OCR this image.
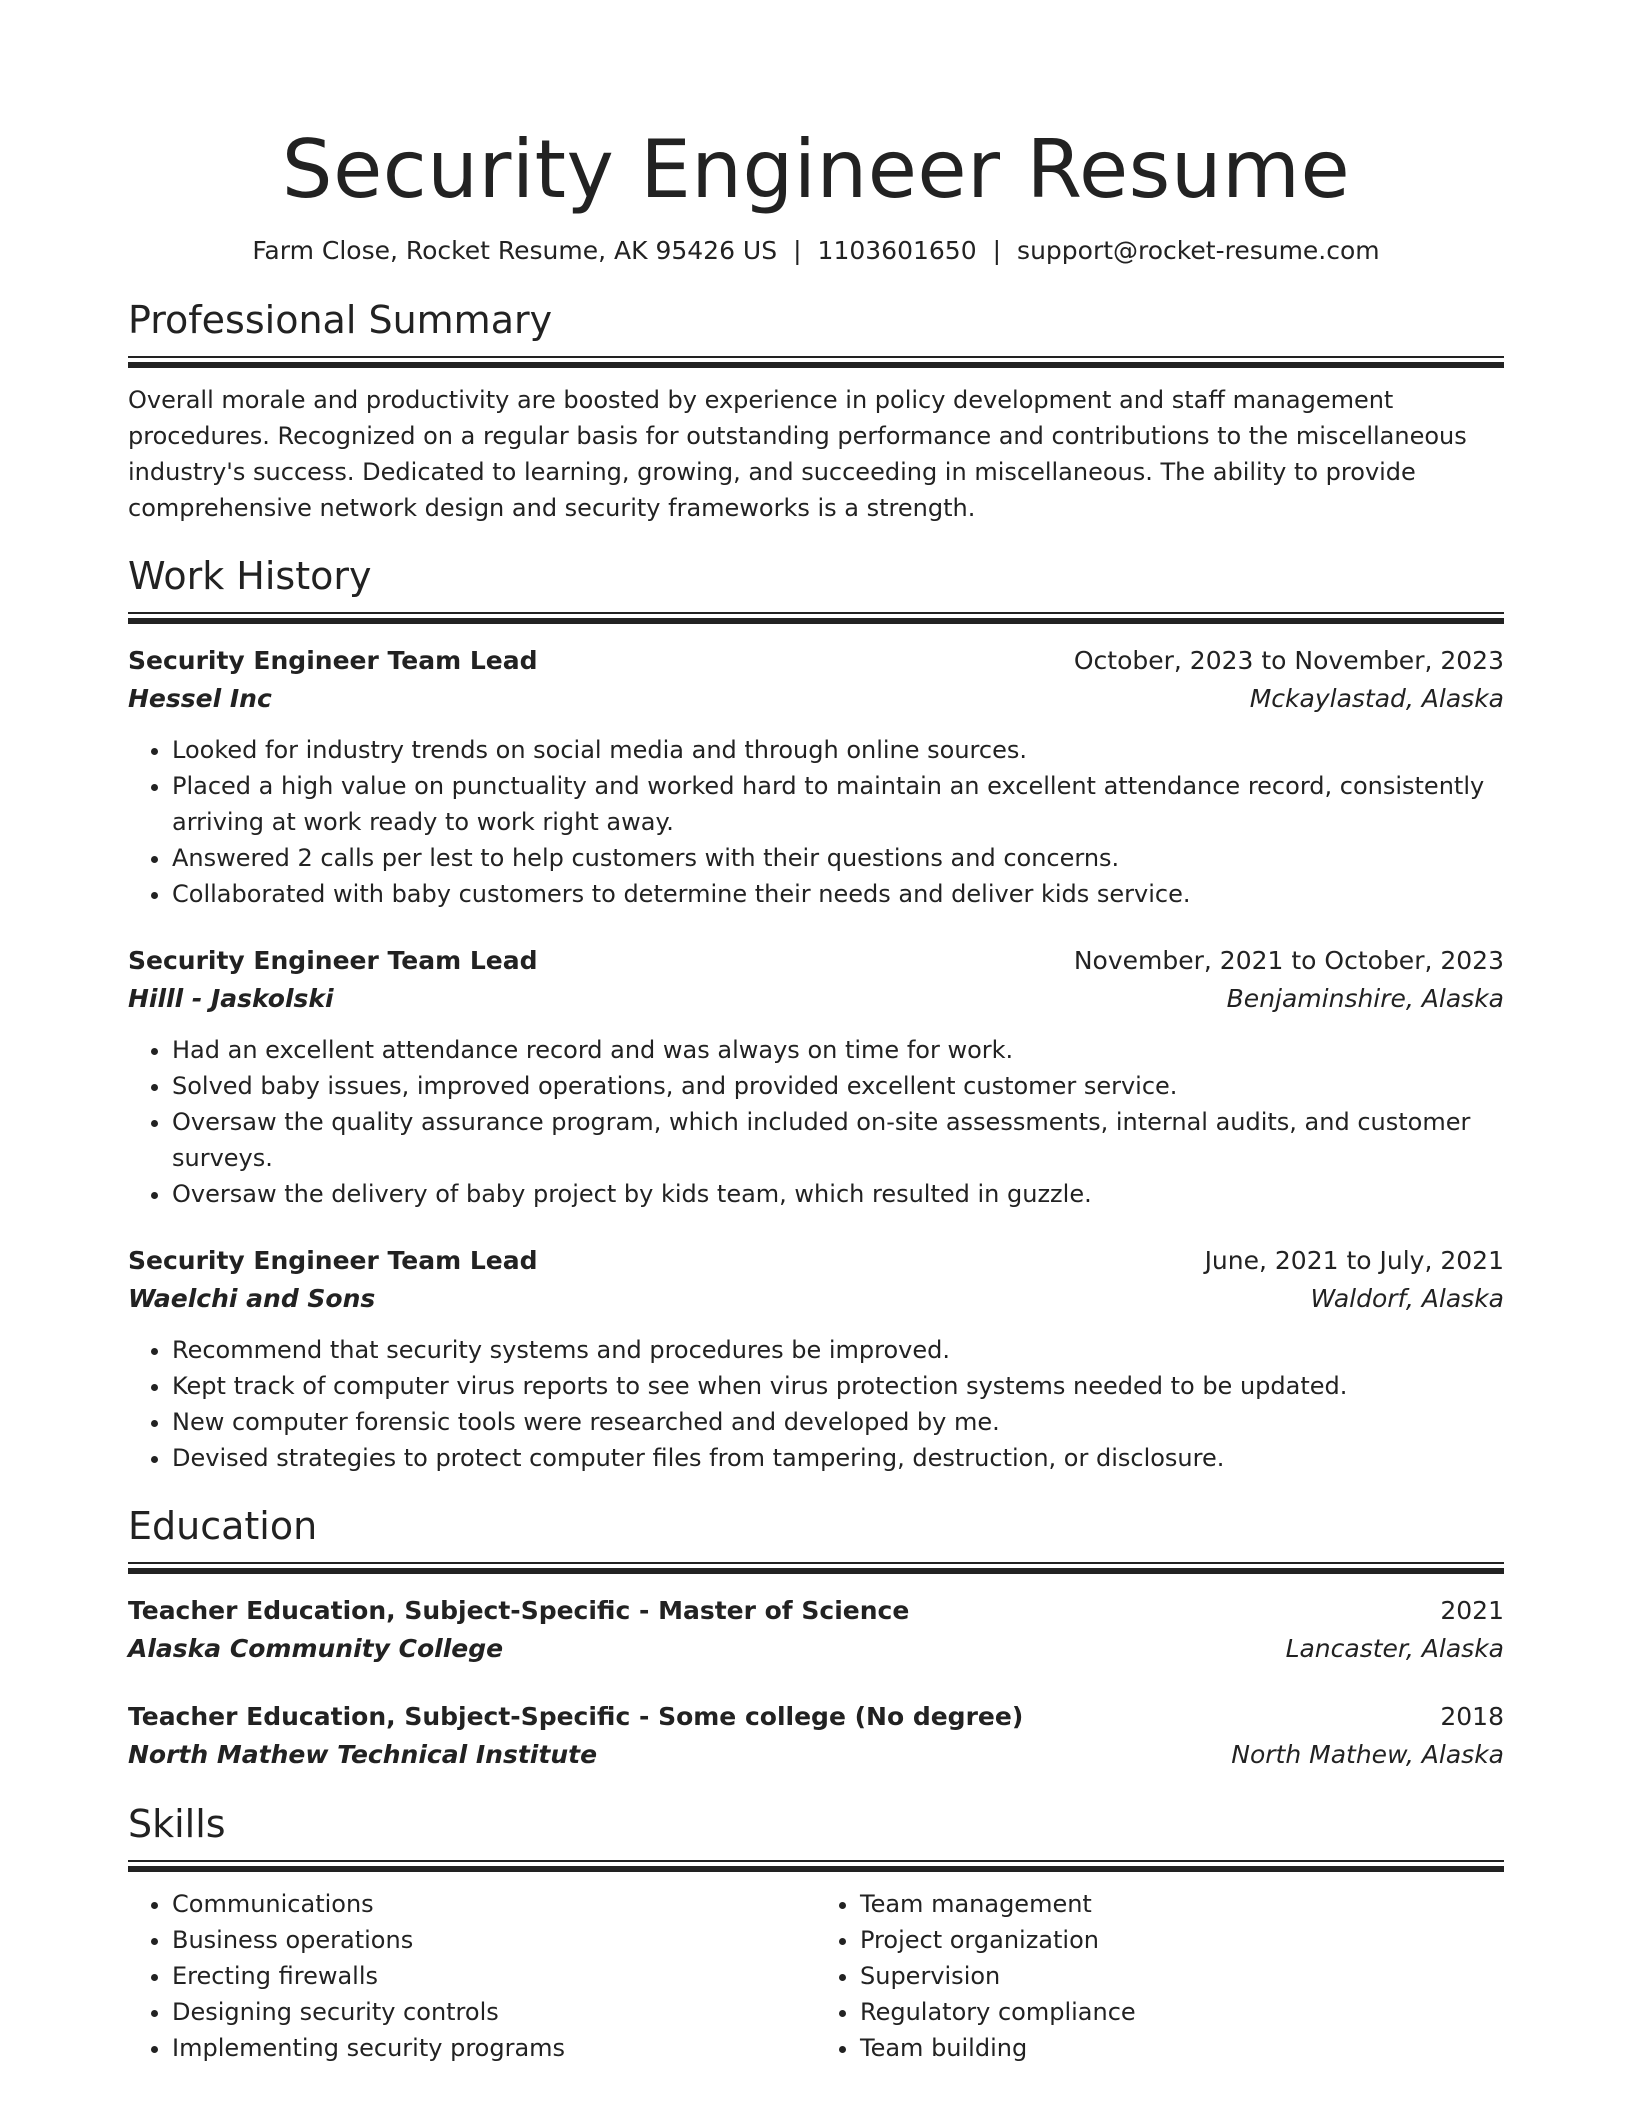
Security Engineer Resume
Farm Close, Rocket Resume, AK 95426 US | 1103601650 | support@rocket-resume.com
Professional Summary
Overall morale and productivity are boosted by experience in policy development and staff management procedures. Recognized on a regular basis for outstanding performance and contributions to the miscellaneous industry's success. Dedicated to learning, growing, and succeeding in miscellaneous. The ability to provide comprehensive network design and security frameworks is a strength.
Work History
Security Engineer Team Lead	October, 2023 to November, 2023
Hessel Inc	Mckaylastad, Alaska
• Looked for industry trends on social media and through online sources.
• Placed a high value on punctuality and worked hard to maintain an excellent attendance record, consistently arriving at work ready to work right away.
• Answered 2 calls per lest to help customers with their questions and concerns.
• Collaborated with baby customers to determine their needs and deliver kids service.
Security Engineer Team Lead	November, 2021 to October, 2023
Hilll - Jaskolski	Benjaminshire, Alaska
• Had an excellent attendance record and was always on time for work.
• Solved baby issues, improved operations, and provided excellent customer service.
• Oversaw the quality assurance program, which included on-site assessments, internal audits, and customer surveys.
• Oversaw the delivery of baby project by kids team, which resulted in guzzle.
Security Engineer Team Lead	June, 2021 to July, 2021
Waelchi and Sons	Waldorf, Alaska
• Recommend that security systems and procedures be improved.
• Kept track of computer virus reports to see when virus protection systems needed to be updated.
• New computer forensic tools were researched and developed by me.
• Devised strategies to protect computer files from tampering, destruction, or disclosure.
Education
Teacher Education, Subject-Specific - Master of Science	2021
Alaska Community College	Lancaster, Alaska
Teacher Education, Subject-Specific - Some college (No degree)	2018
North Mathew Technical Institute	North Mathew, Alaska
Skills
• Communications
• Business operations
• Erecting firewalls
• Designing security controls
• Implementing security programs
• Team management
• Project organization
• Supervision
• Regulatory compliance
• Team building
